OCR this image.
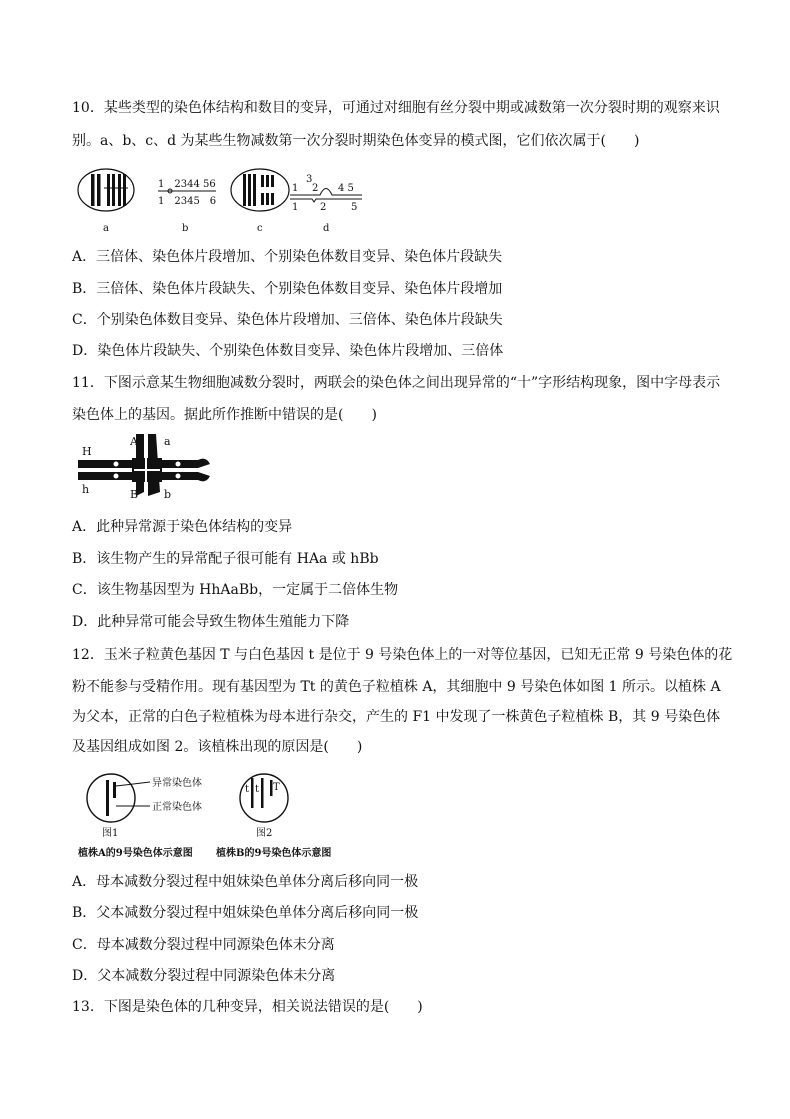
10．某些类型的染色体结构和数目的变异，可通过对细胞有丝分裂中期或减数第一次分裂时期的观察来识
别。a、b、c、d 为某些生物减数第一次分裂时期染色体变异的模式图，它们依次属于(　　)
a
1　2344 56
1　2345　6
b	c
3
1 2 4 5
1 2 5
d
A．三倍体、染色体片段增加、个别染色体数目变异、染色体片段缺失
B．三倍体、染色体片段缺失、个别染色体数目变异、染色体片段增加
C．个别染色体数目变异、染色体片段增加、三倍体、染色体片段缺失
D．染色体片段缺失、个别染色体数目变异、染色体片段增加、三倍体
11．下图示意某生物细胞减数分裂时，两联会的染色体之间出现异常的“十”字形结构现象，图中字母表示
染色体上的基因。据此所作推断中错误的是(　　)
H
h
A a
B b
A．此种异常源于染色体结构的变异
B．该生物产生的异常配子很可能有 HAa 或 hBb
C．该生物基因型为 HhAaBb，一定属于二倍体生物
D．此种异常可能会导致生物体生殖能力下降
12．玉米子粒黄色基因 T 与白色基因 t 是位于 9 号染色体上的一对等位基因，已知无正常 9 号染色体的花
粉不能参与受精作用。现有基因型为 Tt 的黄色子粒植株 A，其细胞中 9 号染色体如图 1 所示。以植株 A
为父本，正常的白色子粒植株为母本进行杂交，产生的 F1 中发现了一株黄色子粒植株 B，其 9 号染色体
及基因组成如图 2。该植株出现的原因是(　　)
异常染色体
正常染色体
图1
植株A的9号染色体示意图
t t T
图2
植株B的9号染色体示意图
A．母本减数分裂过程中姐妹染色单体分离后移向同一极
B．父本减数分裂过程中姐妹染色单体分离后移向同一极
C．母本减数分裂过程中同源染色体未分离
D．父本减数分裂过程中同源染色体未分离
13．下图是染色体的几种变异，相关说法错误的是(　　)
